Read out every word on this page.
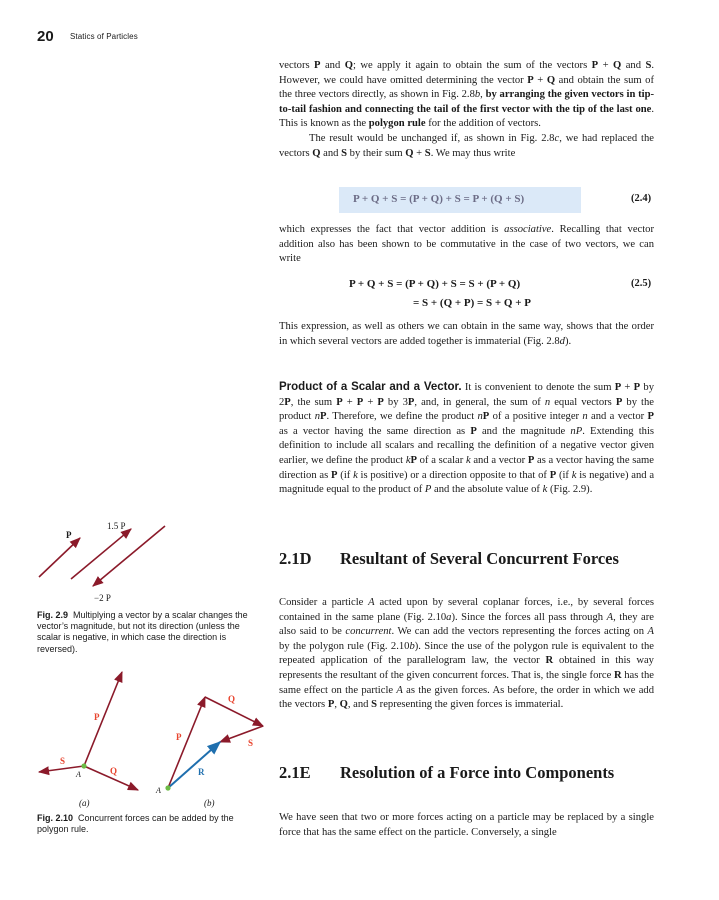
20 Statics of Particles

vectors P and Q; we apply it again to obtain the sum of the vectors P + Q and S. However, we could have omitted determining the vector P + Q and obtain the sum of the three vectors directly, as shown in Fig. 2.8b, by arranging the given vectors in tip-to-tail fashion and connecting the tail of the first vector with the tip of the last one. This is known as the polygon rule for the addition of vectors.

The result would be unchanged if, as shown in Fig. 2.8c, we had replaced the vectors Q and S by their sum Q + S. We may thus write

P + Q + S = (P + Q) + S = P + (Q + S)	(2.4)

which expresses the fact that vector addition is associative. Recalling that vector addition also has been shown to be commutative in the case of two vectors, we can write

P + Q + S = (P + Q) + S = S + (P + Q)	(2.5)
= S + (Q + P) = S + Q + P

This expression, as well as others we can obtain in the same way, shows that the order in which several vectors are added together is immaterial (Fig. 2.8d).

Product of a Scalar and a Vector. It is convenient to denote the sum P + P by 2P, the sum P + P + P by 3P, and, in general, the sum of n equal vectors P by the product nP. Therefore, we define the product nP of a positive integer n and a vector P as a vector having the same direction as P and the magnitude nP. Extending this definition to include all scalars and recalling the definition of a negative vector given earlier, we define the product kP of a scalar k and a vector P as a vector having the same direction as P (if k is positive) or a direction opposite to that of P (if k is negative) and a magnitude equal to the product of P and the absolute value of k (Fig. 2.9).

2.1D Resultant of Several Concurrent Forces

Consider a particle A acted upon by several coplanar forces, i.e., by several forces contained in the same plane (Fig. 2.10a). Since the forces all pass through A, they are also said to be concurrent. We can add the vectors representing the forces acting on A by the polygon rule (Fig. 2.10b). Since the use of the polygon rule is equivalent to the repeated application of the parallelogram law, the vector R obtained in this way represents the resultant of the given concurrent forces. That is, the single force R has the same effect on the particle A as the given forces. As before, the order in which we add the vectors P, Q, and S representing the given forces is immaterial.

2.1E Resolution of a Force into Components

We have seen that two or more forces acting on a particle may be replaced by a single force that has the same effect on the particle. Conversely, a single

P
1.5 P
−2 P
Fig. 2.9 Multiplying a vector by a scalar changes the vector’s magnitude, but not its direction (unless the scalar is negative, in which case the direction is reversed).
P
Q
S
A
(a)
P
Q
S
R
A
(b)
Fig. 2.10 Concurrent forces can be added by the polygon rule.
